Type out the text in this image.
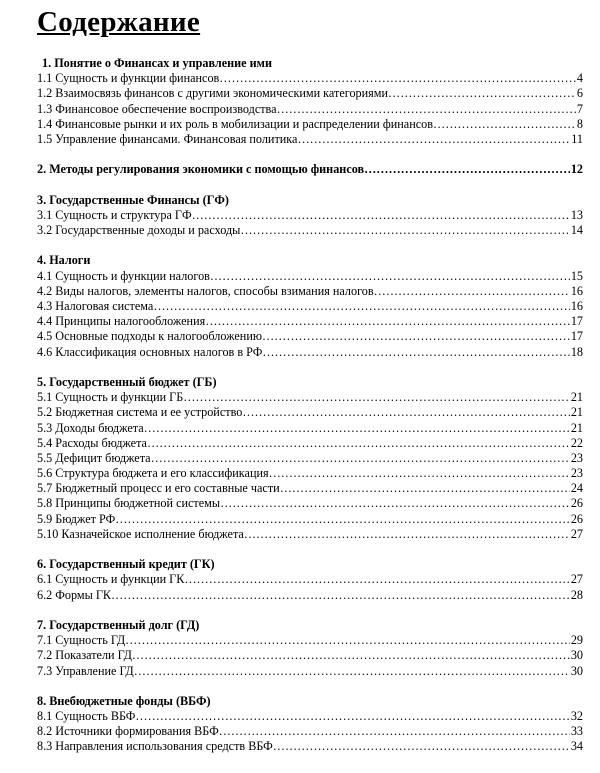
Содержание
1. Понятие о Финансах и управление ими
1.1 Сущность и функции финансов ……………………………………………………………………………………………………………………………………………………………	4
1.2 Взаимосвязь финансов с другими экономическими категориями ……………………………………………………………………………………………………………………………………………………………	6
1.3 Финансовое обеспечение воспроизводства ……………………………………………………………………………………………………………………………………………………………	7
1.4 Финансовые рынки и их роль в мобилизации и распределении финансов ……………………………………………………………………………………………………………………………………………………………	8
1.5 Управление финансами. Финансовая политика ……………………………………………………………………………………………………………………………………………………………	11
2. Методы регулирования экономики с помощью финансов ……………………………………………………………………………………………………………………………………………………………	12
3. Государственные Финансы (ГФ)
3.1 Сущность и структура ГФ ……………………………………………………………………………………………………………………………………………………………	13
3.2 Государственные доходы и расходы ……………………………………………………………………………………………………………………………………………………………	14
4. Налоги
4.1 Сущность и функции налогов ……………………………………………………………………………………………………………………………………………………………	15
4.2 Виды налогов, элементы налогов, способы взимания налогов ……………………………………………………………………………………………………………………………………………………………	16
4.3 Налоговая система ……………………………………………………………………………………………………………………………………………………………	16
4.4 Принципы налогообложения ……………………………………………………………………………………………………………………………………………………………	17
4.5 Основные подходы к налогообложению ……………………………………………………………………………………………………………………………………………………………	17
4.6 Классификация основных налогов в РФ ……………………………………………………………………………………………………………………………………………………………	18
5. Государственный бюджет (ГБ)
5.1 Сущность и функции ГБ ……………………………………………………………………………………………………………………………………………………………	21
5.2 Бюджетная система и ее устройство ……………………………………………………………………………………………………………………………………………………………	21
5.3 Доходы бюджета ……………………………………………………………………………………………………………………………………………………………	21
5.4 Расходы бюджета ……………………………………………………………………………………………………………………………………………………………	22
5.5 Дефицит бюджета ……………………………………………………………………………………………………………………………………………………………	23
5.6 Структура бюджета и его классификация ……………………………………………………………………………………………………………………………………………………………	23
5.7 Бюджетный процесс и его составные части ……………………………………………………………………………………………………………………………………………………………	24
5.8 Принципы бюджетной системы ……………………………………………………………………………………………………………………………………………………………	26
5.9 Бюджет РФ ……………………………………………………………………………………………………………………………………………………………	26
5.10 Казначейское исполнение бюджета ……………………………………………………………………………………………………………………………………………………………	27
6. Государственный кредит (ГК)
6.1 Сущность и функции ГК ……………………………………………………………………………………………………………………………………………………………	27
6.2 Формы ГК ……………………………………………………………………………………………………………………………………………………………	28
7. Государственный долг (ГД)
7.1 Сущность ГД ……………………………………………………………………………………………………………………………………………………………	29
7.2 Показатели ГД ……………………………………………………………………………………………………………………………………………………………	30
7.3 Управление ГД ……………………………………………………………………………………………………………………………………………………………	30
8. Внебюджетные фонды (ВБФ)
8.1 Сущность ВБФ ……………………………………………………………………………………………………………………………………………………………	32
8.2 Источники формирования ВБФ ……………………………………………………………………………………………………………………………………………………………	33
8.3 Направления использования средств ВБФ ……………………………………………………………………………………………………………………………………………………………	34
